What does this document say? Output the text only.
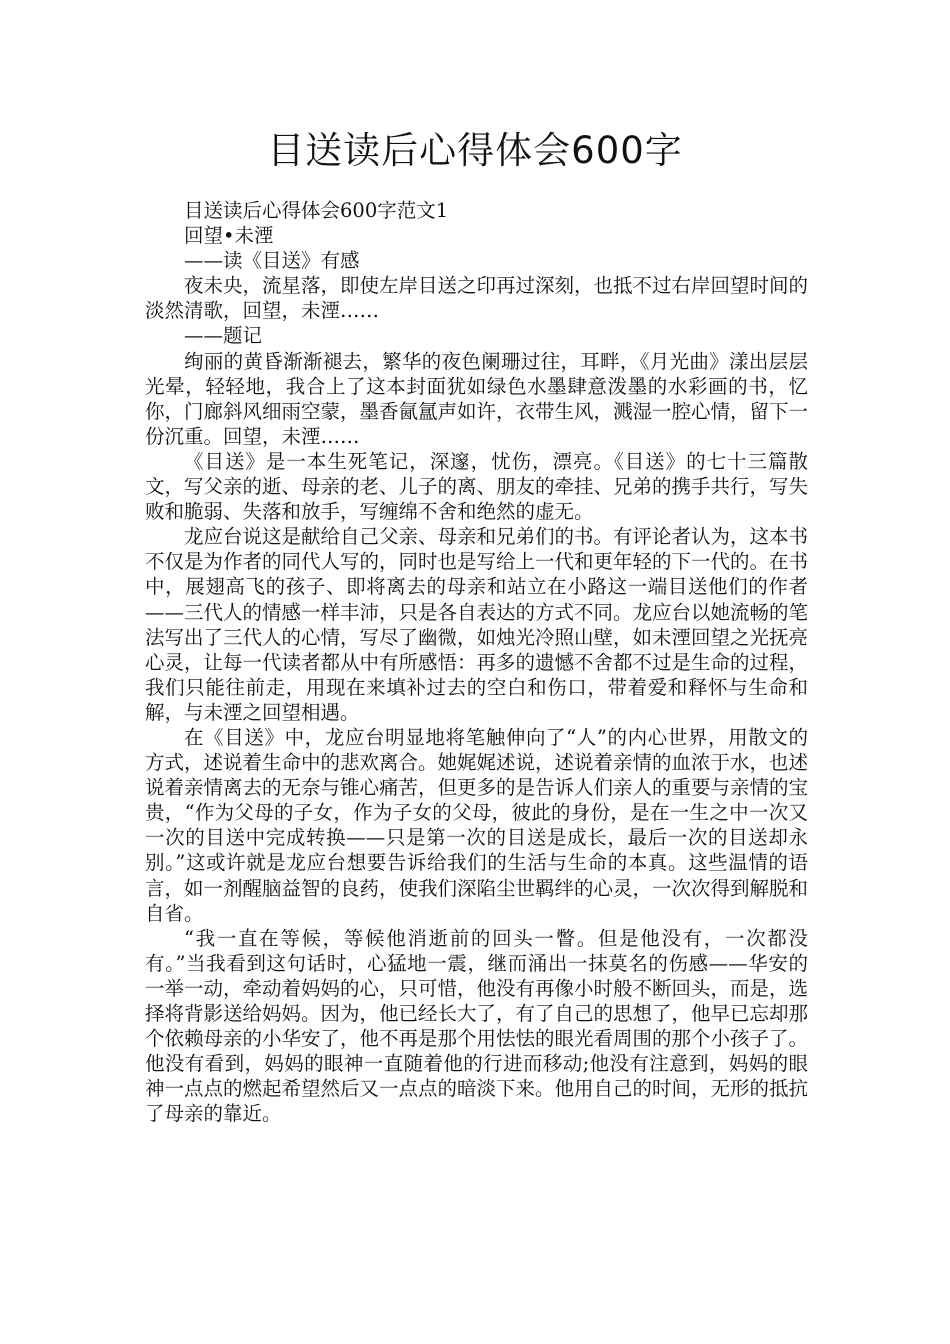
目送读后心得体会600字

目送读后心得体会600字范文1

回望•未湮

——读《目送》有感

夜未央，流星落，即使左岸目送之印再过深刻，也抵不过右岸回望时间的淡然清歌，回望，未湮……

——题记

绚丽的黄昏渐渐褪去，繁华的夜色阑珊过往，耳畔，《月光曲》漾出层层光晕，轻轻地，我合上了这本封面犹如绿色水墨肆意泼墨的水彩画的书，忆你，门廊斜风细雨空蒙，墨香氤氲声如许，衣带生风，溅湿一腔心情，留下一份沉重。回望，未湮……

《目送》是一本生死笔记，深邃，忧伤，漂亮。《目送》的七十三篇散文，写父亲的逝、母亲的老、儿子的离、朋友的牵挂、兄弟的携手共行，写失败和脆弱、失落和放手，写缠绵不舍和绝然的虚无。

龙应台说这是献给自己父亲、母亲和兄弟们的书。有评论者认为，这本书不仅是为作者的同代人写的，同时也是写给上一代和更年轻的下一代的。在书中，展翅高飞的孩子、即将离去的母亲和站立在小路这一端目送他们的作者——三代人的情感一样丰沛，只是各自表达的方式不同。龙应台以她流畅的笔法写出了三代人的心情，写尽了幽微，如烛光冷照山壁，如未湮回望之光抚亮心灵，让每一代读者都从中有所感悟：再多的遗憾不舍都不过是生命的过程，我们只能往前走，用现在来填补过去的空白和伤口，带着爱和释怀与生命和解，与未湮之回望相遇。

在《目送》中，龙应台明显地将笔触伸向了“人”的内心世界，用散文的方式，述说着生命中的悲欢离合。她娓娓述说，述说着亲情的血浓于水，也述说着亲情离去的无奈与锥心痛苦，但更多的是告诉人们亲人的重要与亲情的宝贵，“作为父母的子女，作为子女的父母，彼此的身份，是在一生之中一次又一次的目送中完成转换——只是第一次的目送是成长，最后一次的目送却永别。”这或许就是龙应台想要告诉给我们的生活与生命的本真。这些温情的语言，如一剂醒脑益智的良药，使我们深陷尘世羁绊的心灵，一次次得到解脱和自省。

“我一直在等候，等候他消逝前的回头一瞥。但是他没有，一次都没有。”当我看到这句话时，心猛地一震，继而涌出一抹莫名的伤感——华安的一举一动，牵动着妈妈的心，只可惜，他没有再像小时般不断回头，而是，选择将背影送给妈妈。因为，他已经长大了，有了自己的思想了，他早已忘却那个依赖母亲的小华安了，他不再是那个用怯怯的眼光看周围的那个小孩子了。他没有看到，妈妈的眼神一直随着他的行进而移动;他没有注意到，妈妈的眼神一点点的燃起希望然后又一点点的暗淡下来。他用自己的时间，无形的抵抗了母亲的靠近。
